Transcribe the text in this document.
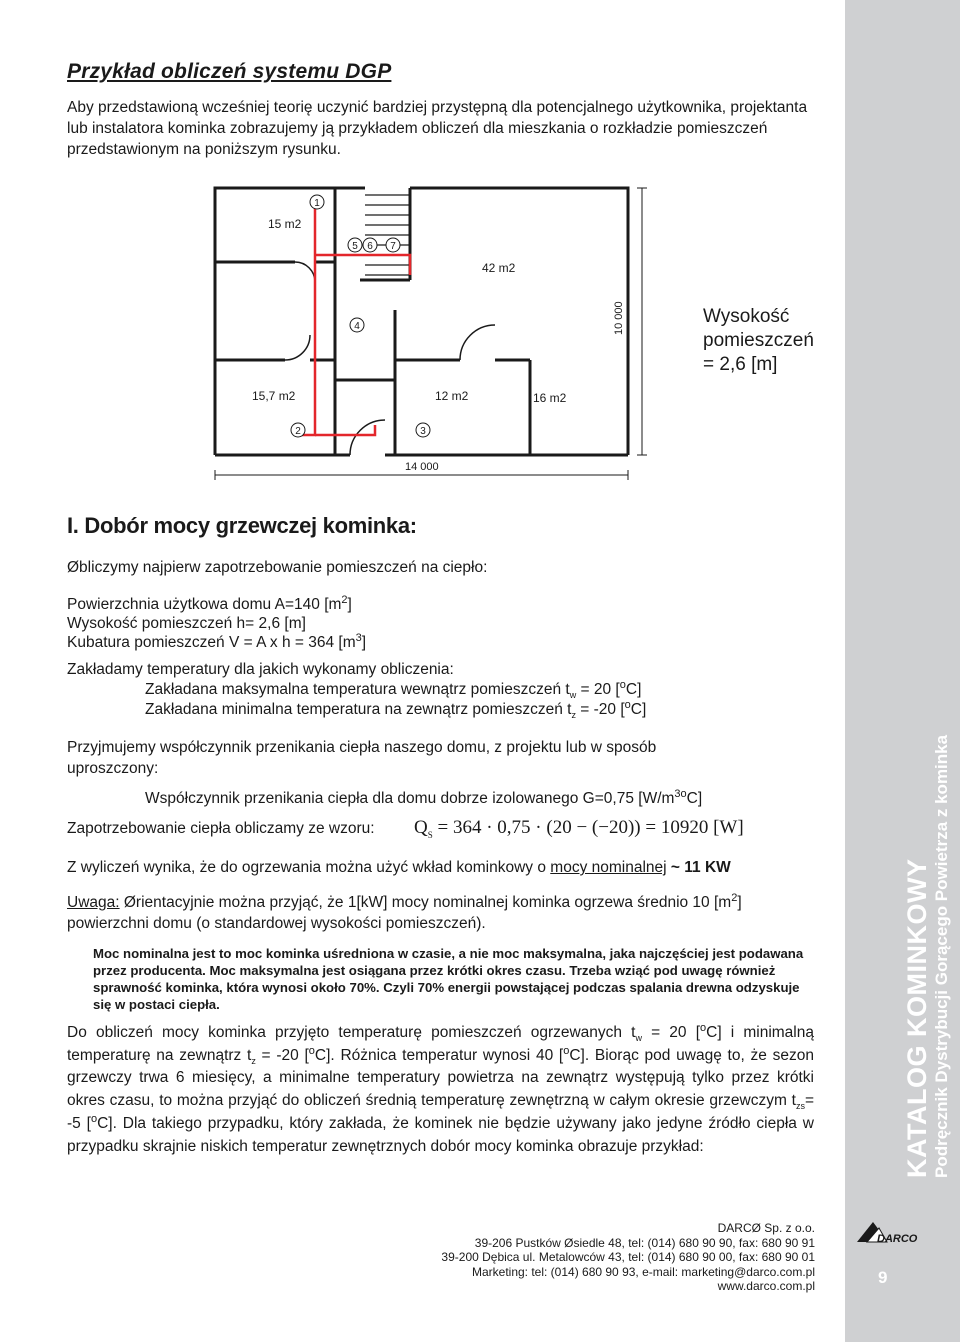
Przykład obliczeń systemu DGP

Aby przedstawioną wcześniej teorię uczynić bardziej przystępną dla potencjalnego użytkownika, projektanta lub instalatora kominka zobrazujemy ją przykładem obliczeń dla mieszkania o rozkładzie pomieszczeń przedstawionym na poniższym rysunku.

1
2	3
4
5 6 7
15 m2
42 m2
15,7 m2	12 m2	16 m2
14 000
10 000	Wysokość
pomieszczeń
= 2,6 [m]
I. Dobór mocy grzewczej kominka:

Øbliczymy najpierw zapotrzebowanie pomieszczeń na ciepło:

Powierzchnia użytkowa domu A=140 $[m^2]$
Wysokość pomieszczeń h= 2,6 [m]
Kubatura pomieszczeń V = A x h = 364 $[m^3]$
Zakładamy temperatury dla jakich wykonamy obliczenia:
Zakładana maksymalna temperatura wewnątrz pomieszczeń $t_w = 20$ [$^o$C]
Zakładana minimalna temperatura na zewnątrz pomieszczeń $t_z = -20$ [$^o$C]

Przyjmujemy współczynnik przenikania ciepła naszego domu, z projektu lub w sposób uproszczony:

Współczynnik przenikania ciepła dla domu dobrze izolowanego G=0,75 $[W/m^{3o}C]$

Zapotrzebowanie ciepła obliczamy ze wzoru: $Q_S = 364 \cdot 0,75 \cdot (20 - (-20)) = 10920$ [W]

Z wyliczeń wynika, że do ogrzewania można użyć wkład kominkowy o mocy nominalnej ~ 11 KW

Uwaga: Ørientacyjnie można przyjąć, że 1[kW] mocy nominalnej kominka ogrzewa średnio 10 $[m^2]$ powierzchni domu (o standardowej wysokości pomieszczeń).

Moc nominalna jest to moc kominka uśredniona w czasie, a nie moc maksymalna, jaka najczęściej jest podawana przez producenta. Moc maksymalna jest osiągana przez krótki okres czasu. Trzeba wziąć pod uwagę również sprawność kominka, która wynosi około 70%. Czyli 70% energii powstającej podczas spalania drewna odzyskuje się w postaci ciepła.

Do obliczeń mocy kominka przyjęto temperaturę pomieszczeń ogrzewanych $t_w = 20$ [$^o$C] i minimalną temperaturę na zewnątrz $t_z = -20$ [$^o$C]. Różnica temperatur wynosi 40 [$^o$C]. Biorąc pod uwagę to, że sezon grzewczy trwa 6 miesięcy, a minimalne temperatury powietrza na zewnątrz występują tylko przez krótki okres czasu, to można przyjąć do obliczeń średnią temperaturę zewnętrzną w całym okresie grzewczym $t_{zs}= -5$ [$^o$C]. Dla takiego przypadku, który zakłada, że kominek nie będzie używany jako jedyne źródło ciepła w przypadku skrajnie niskich temperatur zewnętrznych dobór mocy kominka obrazuje przykład:	KATALOG KOMINKOWY Podręcznik Dystrybucji Gorącego Powietrza z kominka
9
DARCO
DARCØ Sp. z o.o.
39-206 Pustków Øsiedle 48, tel: (014) 680 90 90, fax: 680 90 91
39-200 Dębica ul. Metalowców 43, tel: (014) 680 90 00, fax: 680 90 01
Marketing: tel: (014) 680 90 93, e-mail: marketing@darco.com.pl
www.darco.com.pl
